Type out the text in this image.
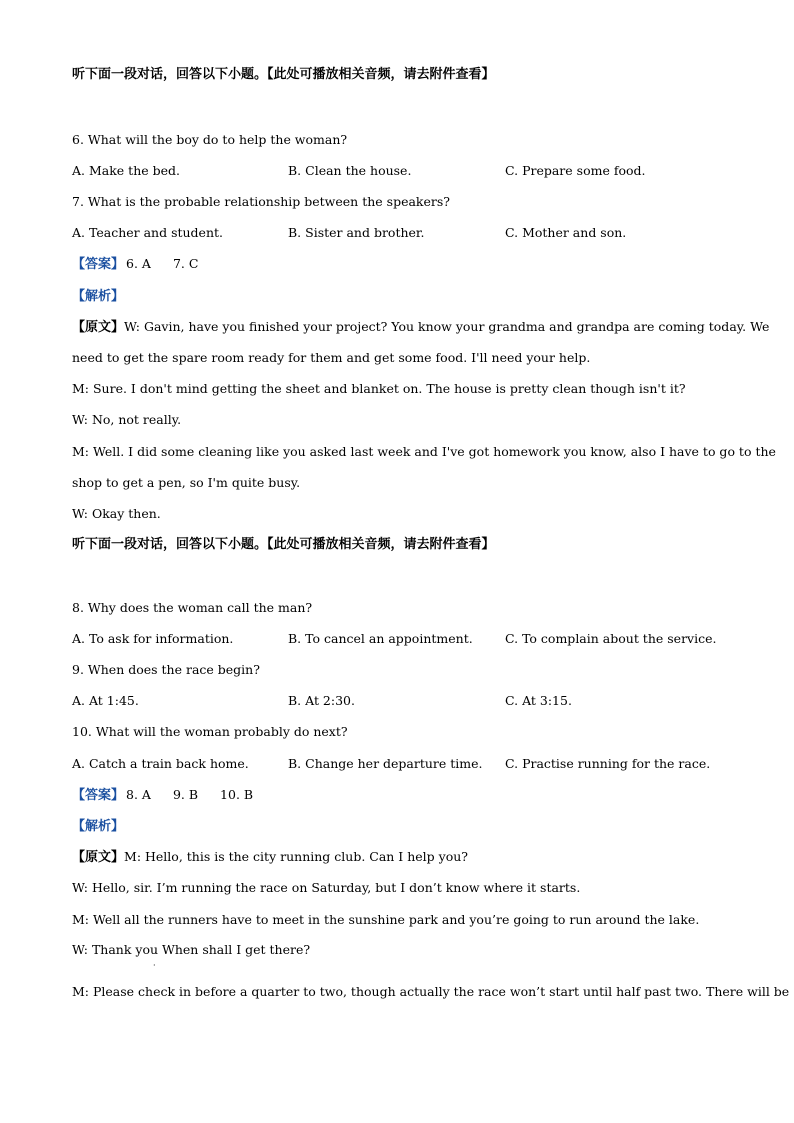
听下面一段对话，回答以下小题。【此处可播放相关音频，请去附件查看】
6. What will the boy do to help the woman?
A. Make the bed.	B. Clean the house.	C. Prepare some food.
7. What is the probable relationship between the speakers?
A. Teacher and student.	B. Sister and brother.	C. Mother and son.
【答案】 6. A 7. C
【解析】
【原文】W: Gavin, have you finished your project? You know your grandma and grandpa are coming today. We
need to get the spare room ready for them and get some food. I'll need your help.
M: Sure. I don't mind getting the sheet and blanket on. The house is pretty clean though isn't it?
W: No, not really.
M: Well. I did some cleaning like you asked last week and I've got homework you know, also I have to go to the
shop to get a pen, so I'm quite busy.
W: Okay then.
听下面一段对话，回答以下小题。【此处可播放相关音频，请去附件查看】
8. Why does the woman call the man?
A. To ask for information.	B. To cancel an appointment.	C. To complain about the service.
9. When does the race begin?
A. At 1:45.	B. At 2:30.	C. At 3:15.
10. What will the woman probably do next?
A. Catch a train back home.	B. Change her departure time. C. Practise running for the race.
【答案】 8. A 9. B 10. B
【解析】
【原文】M: Hello, this is the city running club. Can I help you?
W: Hello, sir. I’m running the race on Saturday, but I don’t know where it starts.
M: Well all the runners have to meet in the sunshine park and you’re going to run around the lake.
W: Thank you When shall I get there?
·
M: Please check in before a quarter to two, though actually the race won’t start until half past two. There will be
